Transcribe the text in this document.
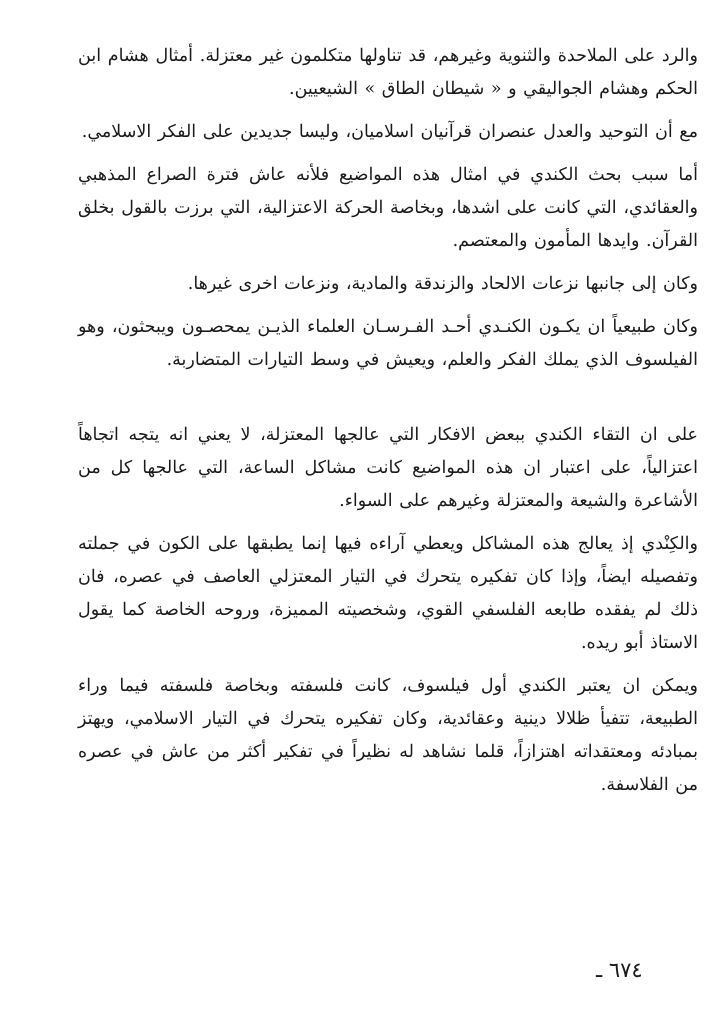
والرد على الملاحدة والثنوية وغيرهم، قد تناولها متكلمون غير معتزلة. أمثال هشام ابن الحكم وهشام الجواليقي و « شيطان الطاق » الشيعيين.

مع أن التوحيد والعدل عنصران قرآنيان اسلاميان، وليسا جديدين على الفكر الاسلامي.

أما سبب بحث الكندي في امثال هذه المواضيع فلأنه عاش فترة الصراع المذهبي والعقائدي، التي كانت على اشدها، وبخاصة الحركة الاعتزالية، التي برزت بالقول بخلق القرآن. وايدها المأمون والمعتصم.

وكان إلى جانبها نزعات الالحاد والزندقة والمادية، ونزعات اخرى غيرها.

وكان طبيعياً ان يكـون الكنـدي أحـد الفـرسـان العلماء الذيـن يمحصـون ويبحثون، وهو الفيلسوف الذي يملك الفكر والعلم، ويعيش في وسط التيارات المتضاربة.

على ان التقاء الكندي ببعض الافكار التي عالجها المعتزلة، لا يعني انه يتجه اتجاهاً اعتزالياً، على اعتبار ان هذه المواضيع كانت مشاكل الساعة، التي عالجها كل من الأشاعرة والشيعة والمعتزلة وغيرهم على السواء.

والكِنْدي إذ يعالج هذه المشاكل ويعطي آراءه فيها إنما يطبقها على الكون في جملته وتفصيله ايضاً، وإذا كان تفكيره يتحرك في التيار المعتزلي العاصف في عصره، فان ذلك لم يفقده طابعه الفلسفي القوي، وشخصيته المميزة، وروحه الخاصة كما يقول الاستاذ أبو ريده.

ويمكن ان يعتبر الكندي أول فيلسوف، كانت فلسفته وبخاصة فلسفته فيما وراء الطبيعة، تتفيأ ظلالا دينية وعقائدية، وكان تفكيره يتحرك في التيار الاسلامي، ويهتز بمبادئه ومعتقداته اهتزازاً، قلما نشاهد له نظيراً في تفكير أكثر من عاش في عصره من الفلاسفة.

٦٧٤ ـ
